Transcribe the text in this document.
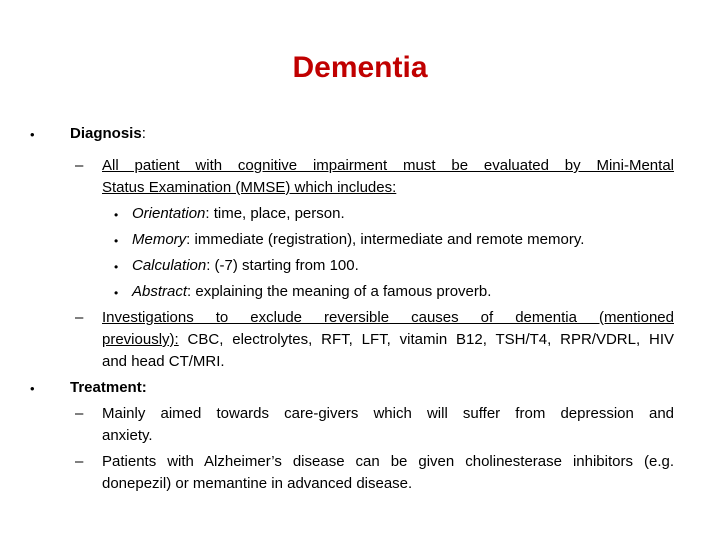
Dementia
• Diagnosis:
– All patient with cognitive impairment must be evaluated by Mini-Mental
Status Examination (MMSE) which includes:
• Orientation: time, place, person.
• Memory: immediate (registration), intermediate and remote memory.
• Calculation: (-7) starting from 100.
• Abstract: explaining the meaning of a famous proverb.
– Investigations to exclude reversible causes of dementia (mentioned
previously): CBC, electrolytes, RFT, LFT, vitamin B12, TSH/T4, RPR/VDRL, HIV
and head CT/MRI.
• Treatment:
– Mainly aimed towards care-givers which will suffer from depression and
anxiety.
– Patients with Alzheimer’s disease can be given cholinesterase inhibitors (e.g.
donepezil) or memantine in advanced disease.
